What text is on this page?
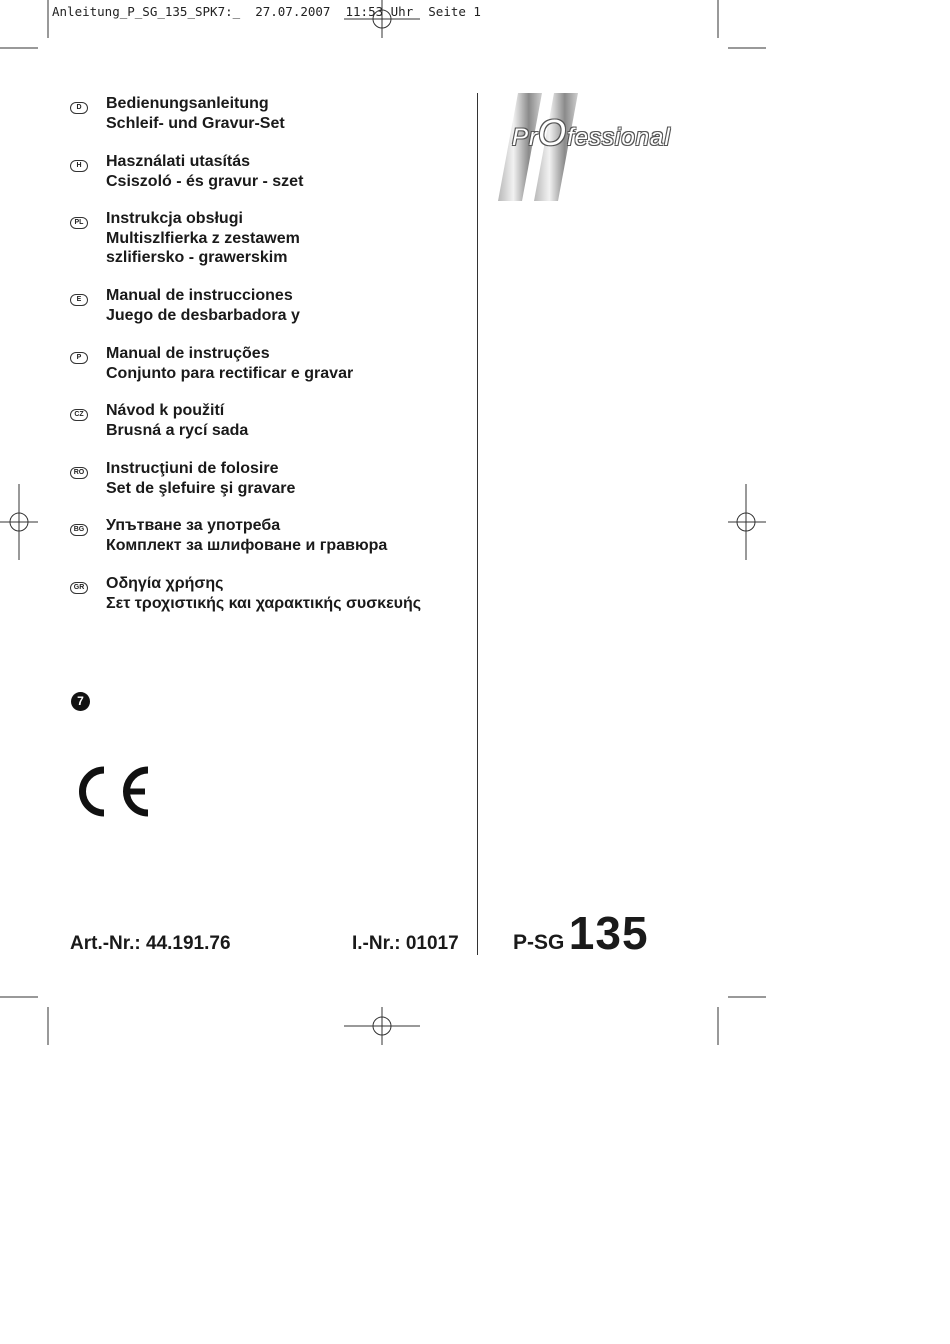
Anleitung_P_SG_135_SPK7:_  27.07.2007  11:53 Uhr  Seite 1
D	Bedienungsanleitung
Schleif- und Gravur-Set
H	Használati utasítás
Csiszoló - és gravur - szet
PL Instrukcja obsługi
Multiszlfierka z zestawem
szlifiersko - grawerskim
E	Manual de instrucciones
Juego de desbarbadora y
P	Manual de instruções
Conjunto para rectificar e gravar
CZ Návod k použití
Brusná a rycí sada
RO Instrucţiuni de folosire
Set de şlefuire şi gravare
BG Упътване за употреба
Комплект за шлифоване и гравюра
GR Οδηγία χρήσης
Σετ τροχιστικής και χαρακτικής συσκευής
7
PrOfessional
Art.-Nr.: 44.191.76	I.-Nr.: 01017	P-SG 135
